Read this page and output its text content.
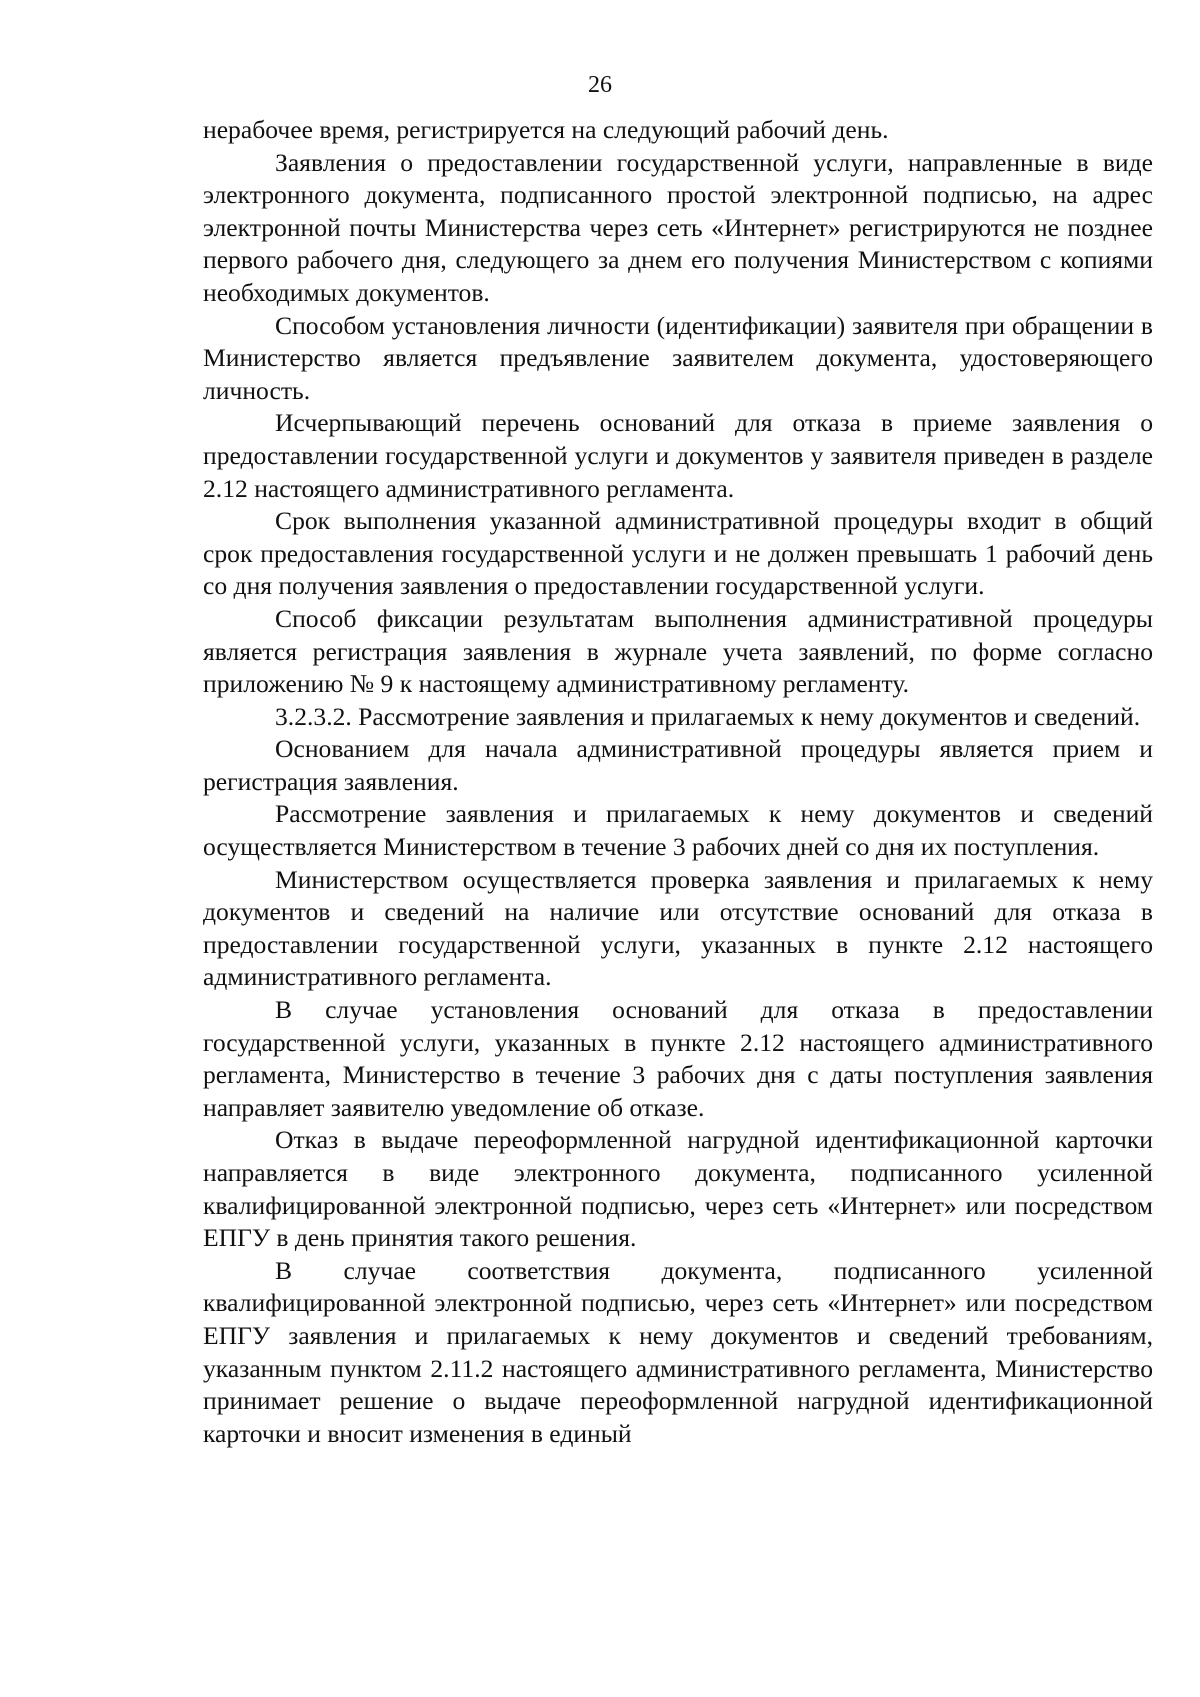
26

нерабочее время, регистрируется на следующий рабочий день.

Заявления о предоставлении государственной услуги, направленные в виде электронного документа, подписанного простой электронной подписью, на адрес электронной почты Министерства через сеть «Интернет» регистрируются не позднее первого рабочего дня, следующего за днем его получения Министерством с копиями необходимых документов.

Способом установления личности (идентификации) заявителя при обращении в Министерство является предъявление заявителем документа, удостоверяющего личность.

Исчерпывающий перечень оснований для отказа в приеме заявления о предоставлении государственной услуги и документов у заявителя приведен в разделе 2.12 настоящего административного регламента.

Срок выполнения указанной административной процедуры входит в общий срок предоставления государственной услуги и не должен превышать 1 рабочий день со дня получения заявления о предоставлении государственной услуги.

Способ фиксации результатам выполнения административной процедуры является регистрация заявления в журнале учета заявлений, по форме согласно приложению № 9 к настоящему административному регламенту.

3.2.3.2. Рассмотрение заявления и прилагаемых к нему документов и сведений.

Основанием для начала административной процедуры является прием и регистрация заявления.

Рассмотрение заявления и прилагаемых к нему документов и сведений осуществляется Министерством в течение 3 рабочих дней со дня их поступления.

Министерством осуществляется проверка заявления и прилагаемых к нему документов и сведений на наличие или отсутствие оснований для отказа в предоставлении государственной услуги, указанных в пункте 2.12 настоящего административного регламента.

В случае установления оснований для отказа в предоставлении государственной услуги, указанных в пункте 2.12 настоящего административного регламента, Министерство в течение 3 рабочих дня с даты поступления заявления направляет заявителю уведомление об отказе.

Отказ в выдаче переоформленной нагрудной идентификационной карточки направляется в виде электронного документа, подписанного усиленной квалифицированной электронной подписью, через сеть «Интернет» или посредством ЕПГУ в день принятия такого решения.

В случае соответствия документа, подписанного усиленной квалифицированной электронной подписью, через сеть «Интернет» или посредством ЕПГУ заявления и прилагаемых к нему документов и сведений требованиям, указанным пунктом 2.11.2 настоящего административного регламента, Министерство принимает решение о выдаче переоформленной нагрудной идентификационной карточки и вносит изменения в единый
